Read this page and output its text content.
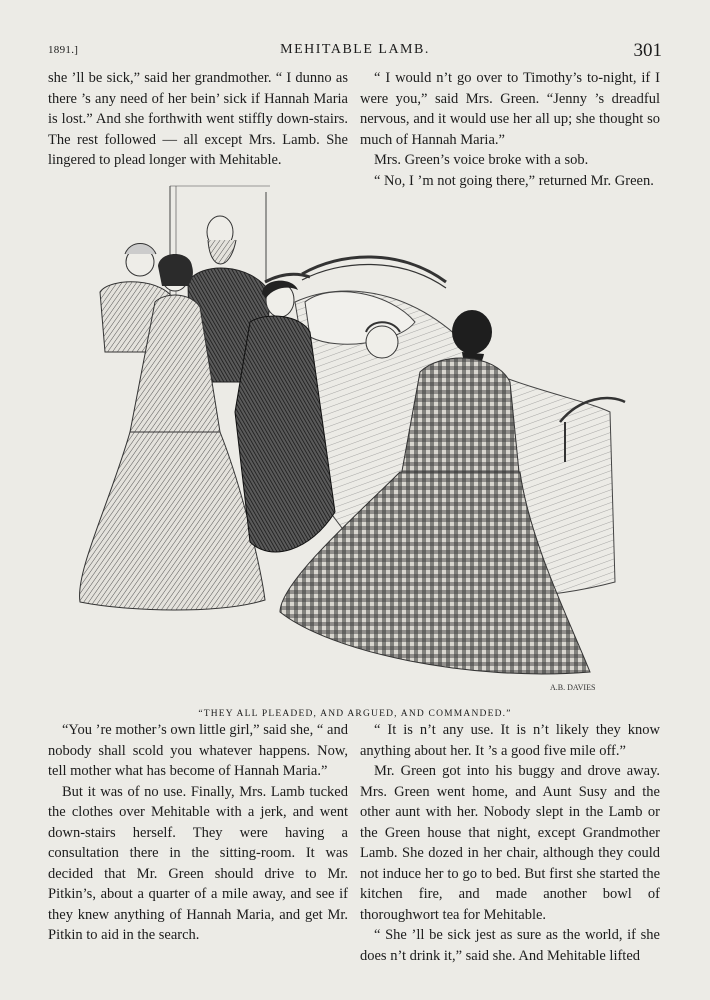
1891.]	MEHITABLE LAMB.	301

she ’ll be sick,” said her grandmother. “ I dunno as there ’s any need of her bein’ sick if Hannah Maria is lost.” And she forthwith went stiffly down-stairs. The rest followed — all except Mrs. Lamb. She lingered to plead longer with Mehitable.

“ I would n’t go over to Timothy’s to-night, if I were you,” said Mrs. Green. “Jenny ’s dreadful nervous, and it would use her all up; she thought so much of Hannah Maria.”

Mrs. Green’s voice broke with a sob.

“ No, I ’m not going there,” returned Mr. Green.

A.B. DAVIES
“THEY ALL PLEADED, AND ARGUED, AND COMMANDED.”

“You ’re mother’s own little girl,” said she, “ and nobody shall scold you whatever happens. Now, tell mother what has become of Hannah Maria.”

But it was of no use. Finally, Mrs. Lamb tucked the clothes over Mehitable with a jerk, and went down-stairs herself. They were having a consultation there in the sitting-room. It was decided that Mr. Green should drive to Mr. Pitkin’s, about a quarter of a mile away, and see if they knew anything of Hannah Maria, and get Mr. Pitkin to aid in the search.

“ It is n’t any use. It is n’t likely they know anything about her. It ’s a good five mile off.”

Mr. Green got into his buggy and drove away. Mrs. Green went home, and Aunt Susy and the other aunt with her. Nobody slept in the Lamb or the Green house that night, except Grandmother Lamb. She dozed in her chair, although they could not induce her to go to bed. But first she started the kitchen fire, and made another bowl of thoroughwort tea for Mehitable.

“ She ’ll be sick jest as sure as the world, if she does n’t drink it,” said she. And Mehitable lifted
